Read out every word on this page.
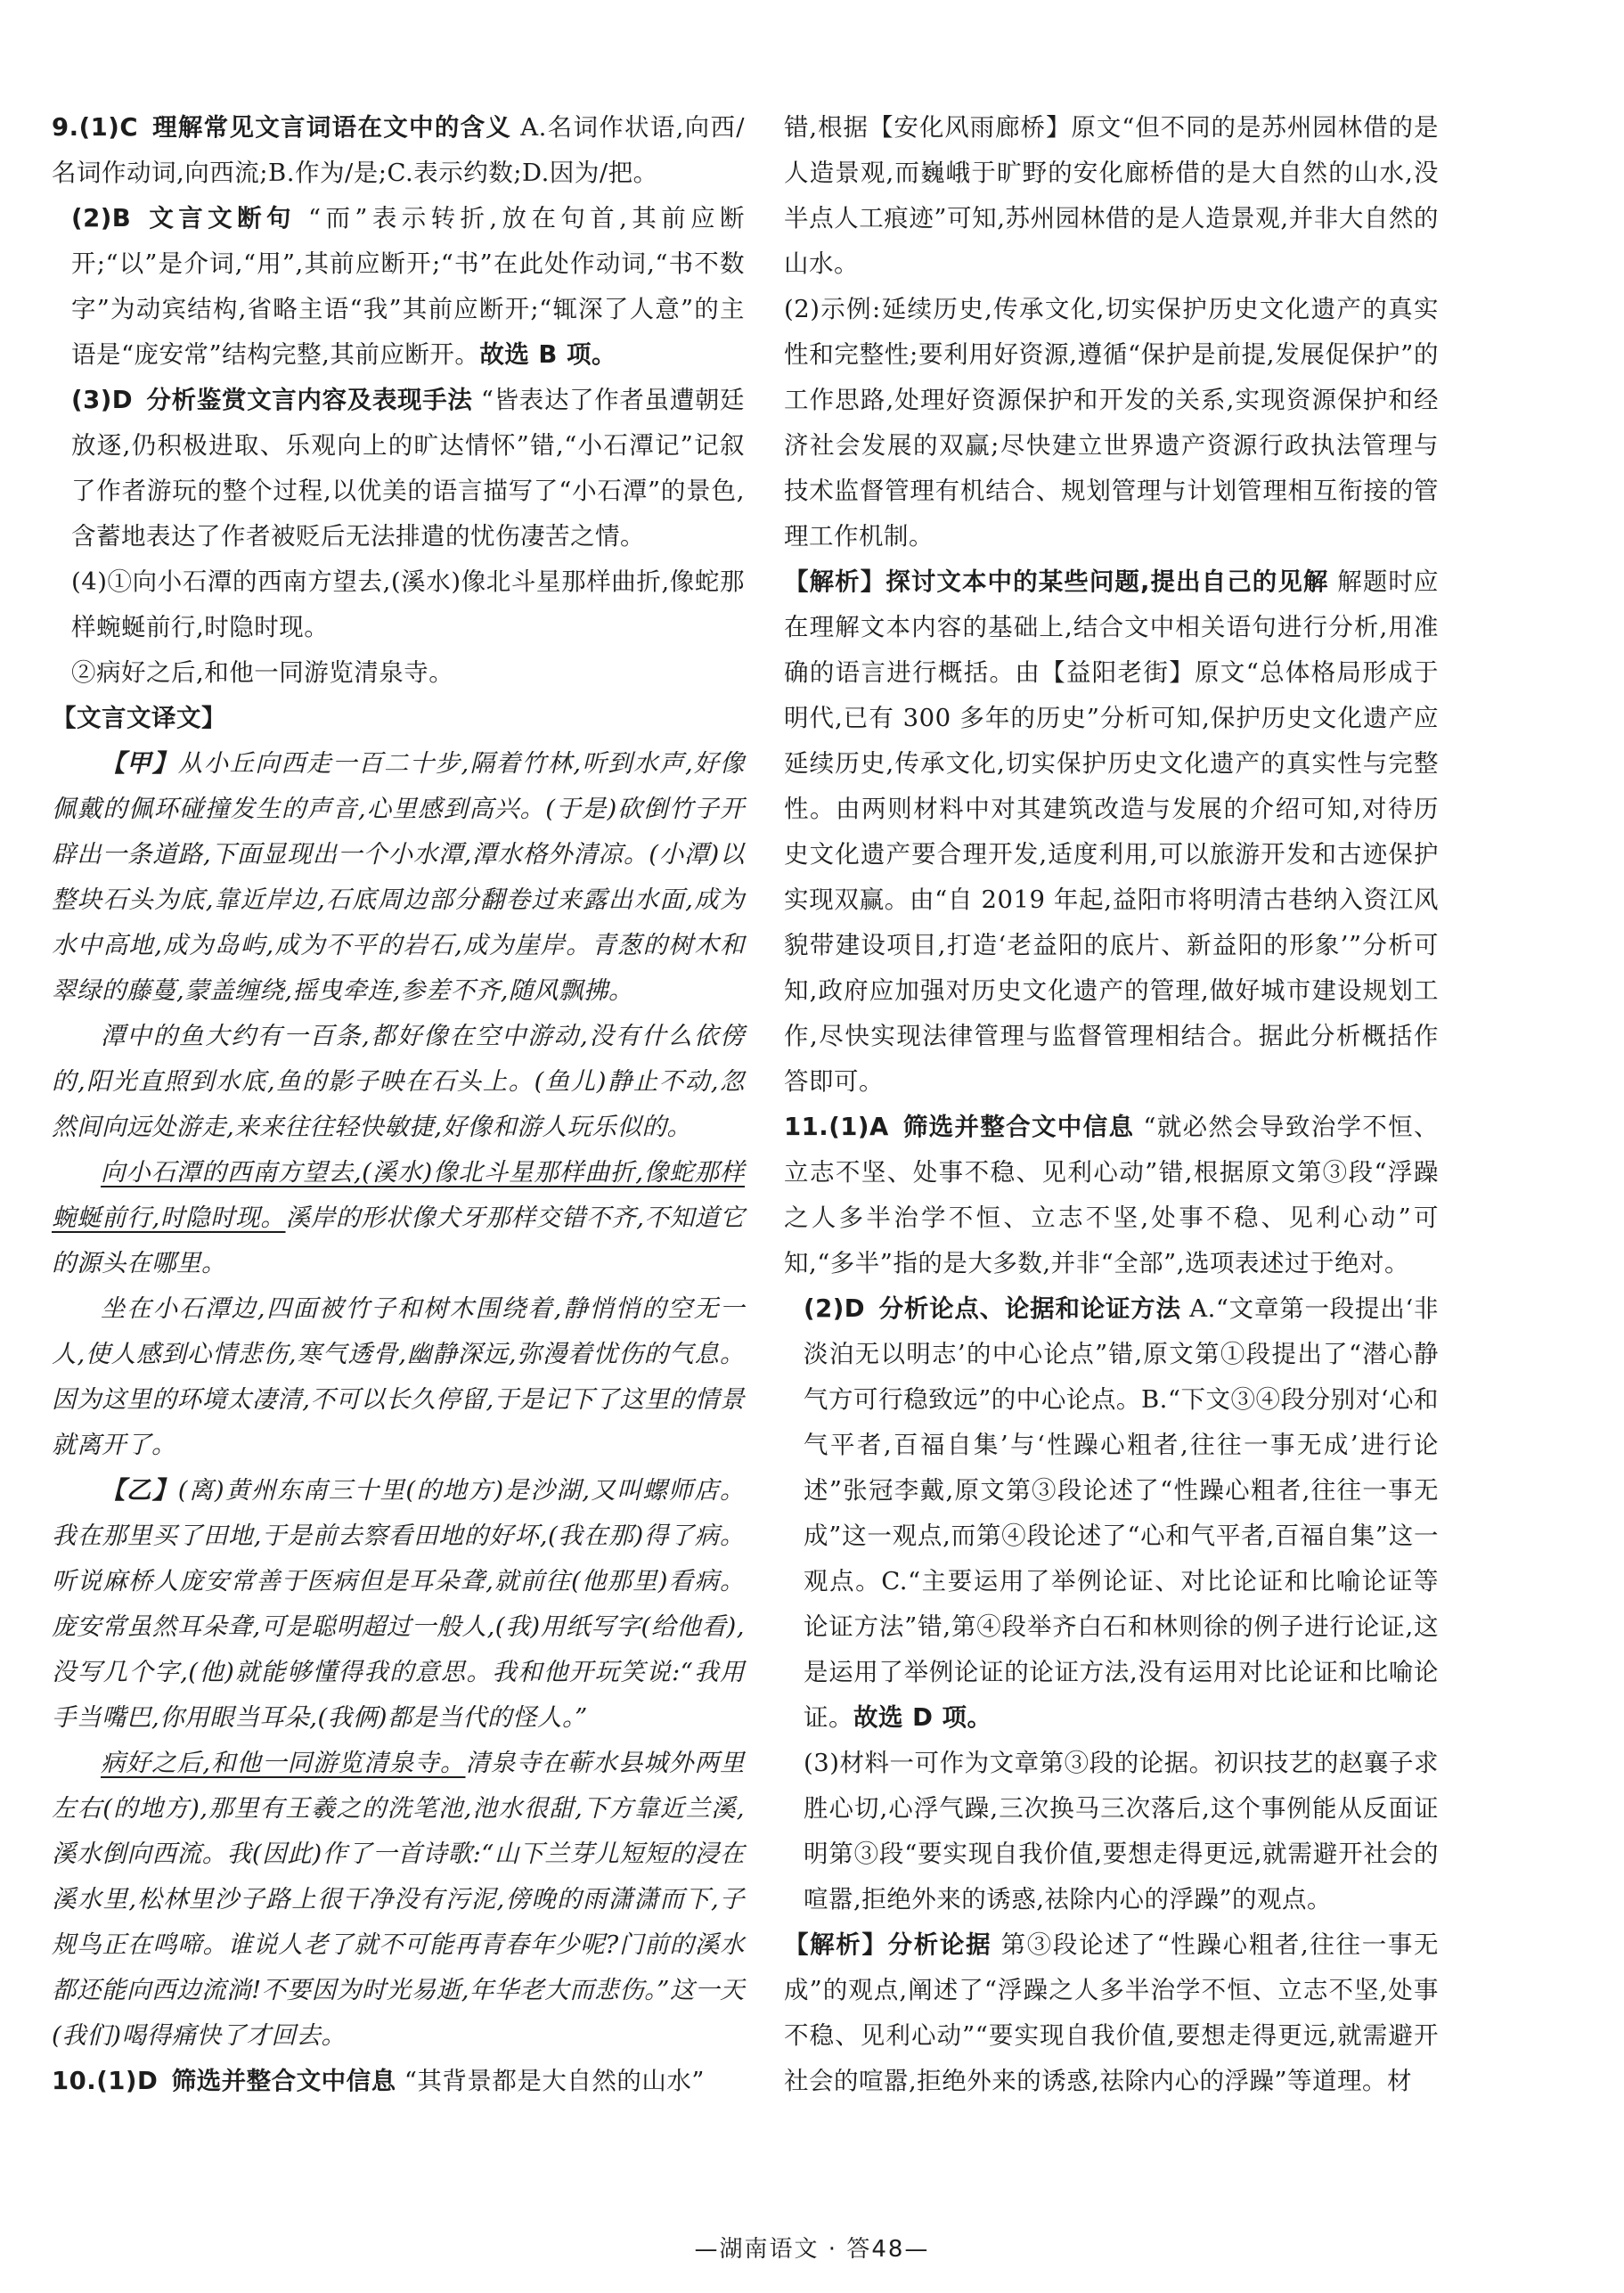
9.(1)C 理解常见文言词语在文中的含义 A.名词作状语,向西/名词作动词,向西流;B.作为/是;C.表示约数;D.因为/把。

(2)B 文言文断句 “而”表示转折,放在句首,其前应断开;“以”是介词,“用”,其前应断开;“书”在此处作动词,“书不数字”为动宾结构,省略主语“我”其前应断开;“辄深了人意”的主语是“庞安常”结构完整,其前应断开。故选 B 项。

(3)D 分析鉴赏文言内容及表现手法 “皆表达了作者虽遭朝廷放逐,仍积极进取、乐观向上的旷达情怀”错,“小石潭记”记叙了作者游玩的整个过程,以优美的语言描写了“小石潭”的景色,含蓄地表达了作者被贬后无法排遣的忧伤凄苦之情。

(4)①向小石潭的西南方望去,(溪水)像北斗星那样曲折,像蛇那样蜿蜒前行,时隐时现。

②病好之后,和他一同游览清泉寺。

【文言文译文】

【甲】从小丘向西走一百二十步,隔着竹林,听到水声,好像佩戴的佩环碰撞发生的声音,心里感到高兴。(于是)砍倒竹子开辟出一条道路,下面显现出一个小水潭,潭水格外清凉。(小潭)以整块石头为底,靠近岸边,石底周边部分翻卷过来露出水面,成为水中高地,成为岛屿,成为不平的岩石,成为崖岸。青葱的树木和翠绿的藤蔓,蒙盖缠绕,摇曳牵连,参差不齐,随风飘拂。

潭中的鱼大约有一百条,都好像在空中游动,没有什么依傍的,阳光直照到水底,鱼的影子映在石头上。(鱼儿)静止不动,忽然间向远处游走,来来往往轻快敏捷,好像和游人玩乐似的。

向小石潭的西南方望去,(溪水)像北斗星那样曲折,像蛇那样蜿蜒前行,时隐时现。溪岸的形状像犬牙那样交错不齐,不知道它的源头在哪里。

坐在小石潭边,四面被竹子和树木围绕着,静悄悄的空无一人,使人感到心情悲伤,寒气透骨,幽静深远,弥漫着忧伤的气息。因为这里的环境太凄清,不可以长久停留,于是记下了这里的情景就离开了。

【乙】(离)黄州东南三十里(的地方)是沙湖,又叫螺师店。我在那里买了田地,于是前去察看田地的好坏,(我在那)得了病。听说麻桥人庞安常善于医病但是耳朵聋,就前往(他那里)看病。庞安常虽然耳朵聋,可是聪明超过一般人,(我)用纸写字(给他看),没写几个字,(他)就能够懂得我的意思。我和他开玩笑说:“我用手当嘴巴,你用眼当耳朵,(我俩)都是当代的怪人。”

病好之后,和他一同游览清泉寺。清泉寺在蕲水县城外两里左右(的地方),那里有王羲之的洗笔池,池水很甜,下方靠近兰溪,溪水倒向西流。我(因此)作了一首诗歌:“山下兰芽儿短短的浸在溪水里,松林里沙子路上很干净没有污泥,傍晚的雨潇潇而下,子规鸟正在鸣啼。谁说人老了就不可能再青春年少呢?门前的溪水都还能向西边流淌!不要因为时光易逝,年华老大而悲伤。”这一天(我们)喝得痛快了才回去。

10.(1)D 筛选并整合文中信息 “其背景都是大自然的山水”

错,根据【安化风雨廊桥】原文“但不同的是苏州园林借的是人造景观,而巍峨于旷野的安化廊桥借的是大自然的山水,没半点人工痕迹”可知,苏州园林借的是人造景观,并非大自然的山水。

(2)示例:延续历史,传承文化,切实保护历史文化遗产的真实性和完整性;要利用好资源,遵循“保护是前提,发展促保护”的工作思路,处理好资源保护和开发的关系,实现资源保护和经济社会发展的双赢;尽快建立世界遗产资源行政执法管理与技术监督管理有机结合、规划管理与计划管理相互衔接的管理工作机制。

【解析】探讨文本中的某些问题,提出自己的见解 解题时应在理解文本内容的基础上,结合文中相关语句进行分析,用准确的语言进行概括。由【益阳老街】原文“总体格局形成于明代,已有 300 多年的历史”分析可知,保护历史文化遗产应延续历史,传承文化,切实保护历史文化遗产的真实性与完整性。由两则材料中对其建筑改造与发展的介绍可知,对待历史文化遗产要合理开发,适度利用,可以旅游开发和古迹保护实现双赢。由“自 2019 年起,益阳市将明清古巷纳入资江风貌带建设项目,打造‘老益阳的底片、新益阳的形象’”分析可知,政府应加强对历史文化遗产的管理,做好城市建设规划工作,尽快实现法律管理与监督管理相结合。据此分析概括作答即可。

11.(1)A 筛选并整合文中信息 “就必然会导致治学不恒、立志不坚、处事不稳、见利心动”错,根据原文第③段“浮躁之人多半治学不恒、立志不坚,处事不稳、见利心动”可知,“多半”指的是大多数,并非“全部”,选项表述过于绝对。

(2)D 分析论点、论据和论证方法 A.“文章第一段提出‘非淡泊无以明志’的中心论点”错,原文第①段提出了“潜心静气方可行稳致远”的中心论点。B.“下文③④段分别对‘心和气平者,百福自集’与‘性躁心粗者,往往一事无成’进行论述”张冠李戴,原文第③段论述了“性躁心粗者,往往一事无成”这一观点,而第④段论述了“心和气平者,百福自集”这一观点。C.“主要运用了举例论证、对比论证和比喻论证等论证方法”错,第④段举齐白石和林则徐的例子进行论证,这是运用了举例论证的论证方法,没有运用对比论证和比喻论证。故选 D 项。

(3)材料一可作为文章第③段的论据。初识技艺的赵襄子求胜心切,心浮气躁,三次换马三次落后,这个事例能从反面证明第③段“要实现自我价值,要想走得更远,就需避开社会的喧嚣,拒绝外来的诱惑,祛除内心的浮躁”的观点。

【解析】分析论据 第③段论述了“性躁心粗者,往往一事无成”的观点,阐述了“浮躁之人多半治学不恒、立志不坚,处事不稳、见利心动”“要实现自我价值,要想走得更远,就需避开社会的喧嚣,拒绝外来的诱惑,祛除内心的浮躁”等道理。材

—湖南语文 · 答48—
